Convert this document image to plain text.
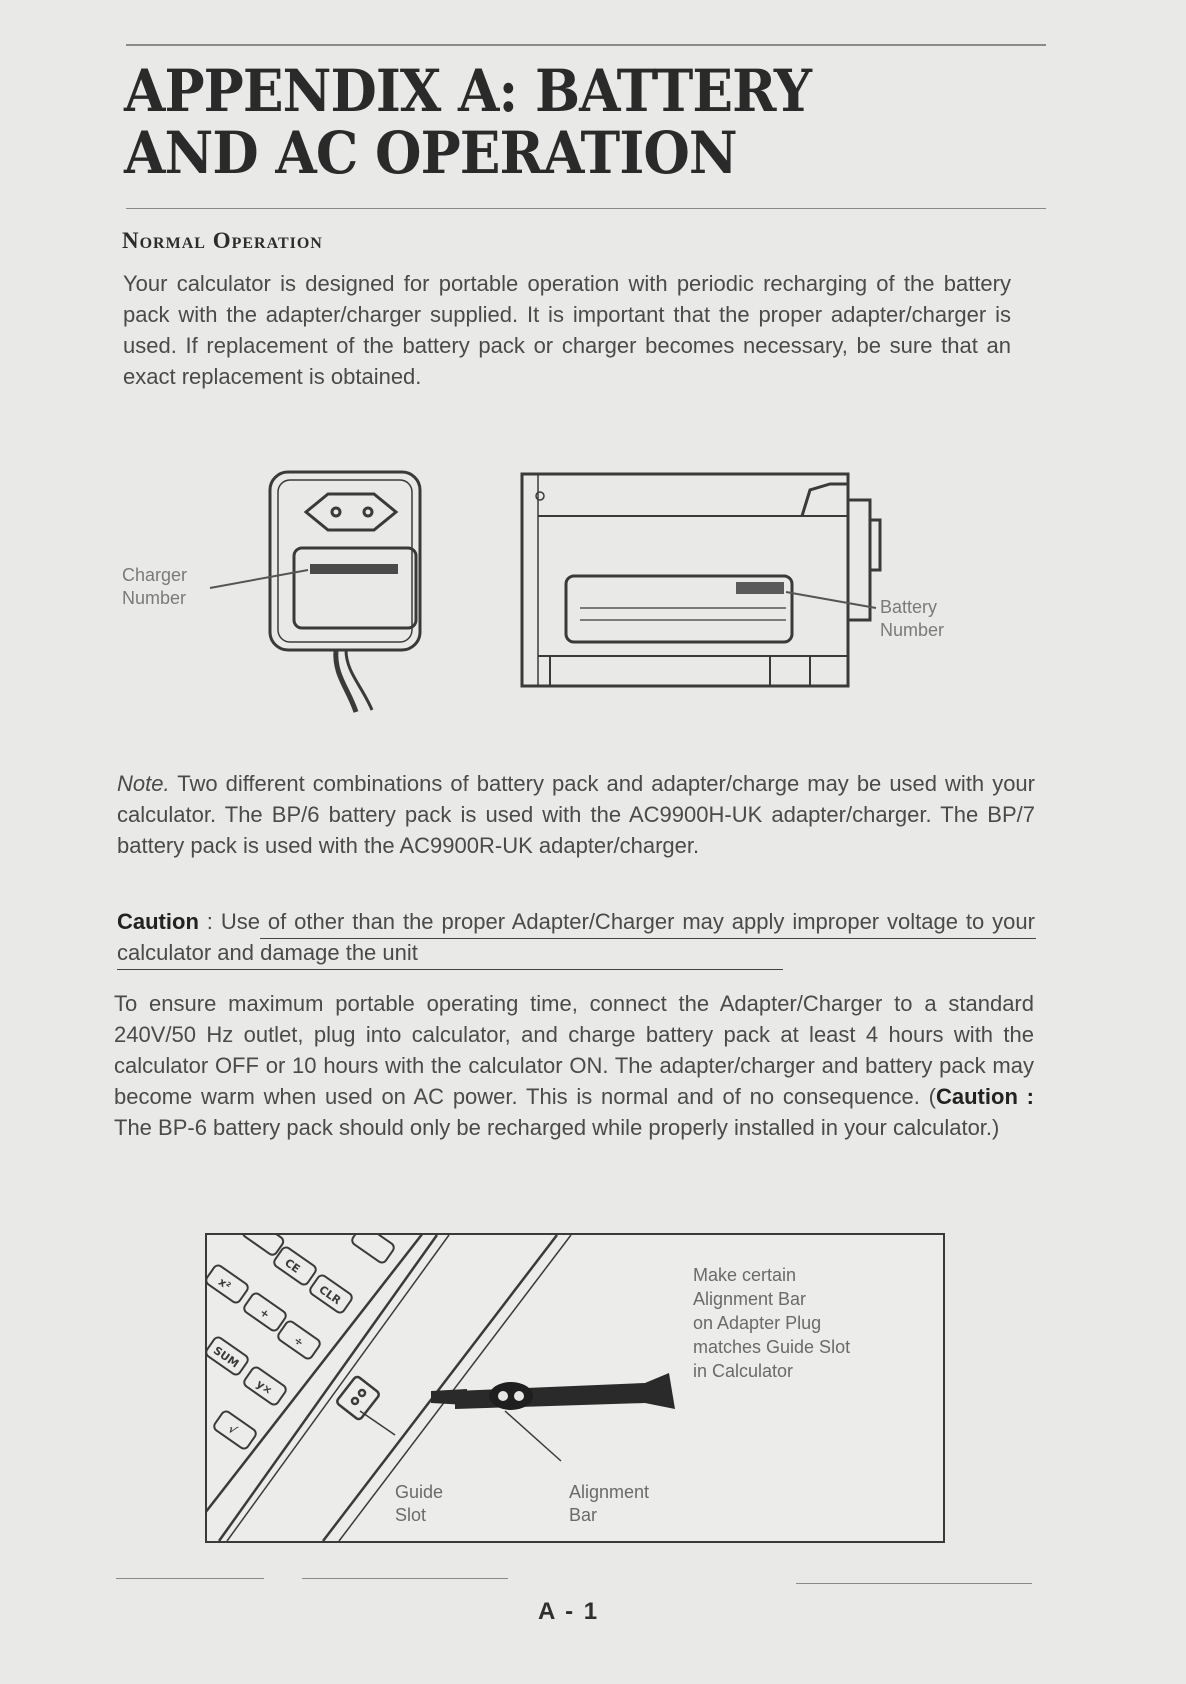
APPENDIX A: BATTERY
AND AC OPERATION
Normal Operation

Your calculator is designed for portable operation with periodic recharging of the battery pack with the adapter/charger supplied. It is important that the proper adapter/charger is used. If replacement of the battery pack or charger becomes necessary, be sure that an exact replacement is obtained.

Charger
Number	Battery
Number

Note. Two different combinations of battery pack and adapter/charge may be used with your calculator. The BP/6 battery pack is used with the AC9900H-UK adapter/charger. The BP/7 battery pack is used with the AC9900R-UK adapter/charger.

Caution : Use of other than the proper Adapter/Charger may apply improper voltage to your calculator and damage the unit

To ensure maximum portable operating time, connect the Adapter/Charger to a standard 240V/50 Hz outlet, plug into calculator, and charge battery pack at least 4 hours with the calculator OFF or 10 hours with the calculator ON. The adapter/charger and battery pack may become warm when used on AC power. This is normal and of no consequence. (Caution : The BP-6 battery pack should only be recharged while properly installed in your calculator.)

CE
CLR
÷
+
x²
SUM
y×
√

Make certain
Alignment Bar
on Adapter Plug
matches Guide Slot
in Calculator

Guide
Slot

Alignment
Bar

A - 1
